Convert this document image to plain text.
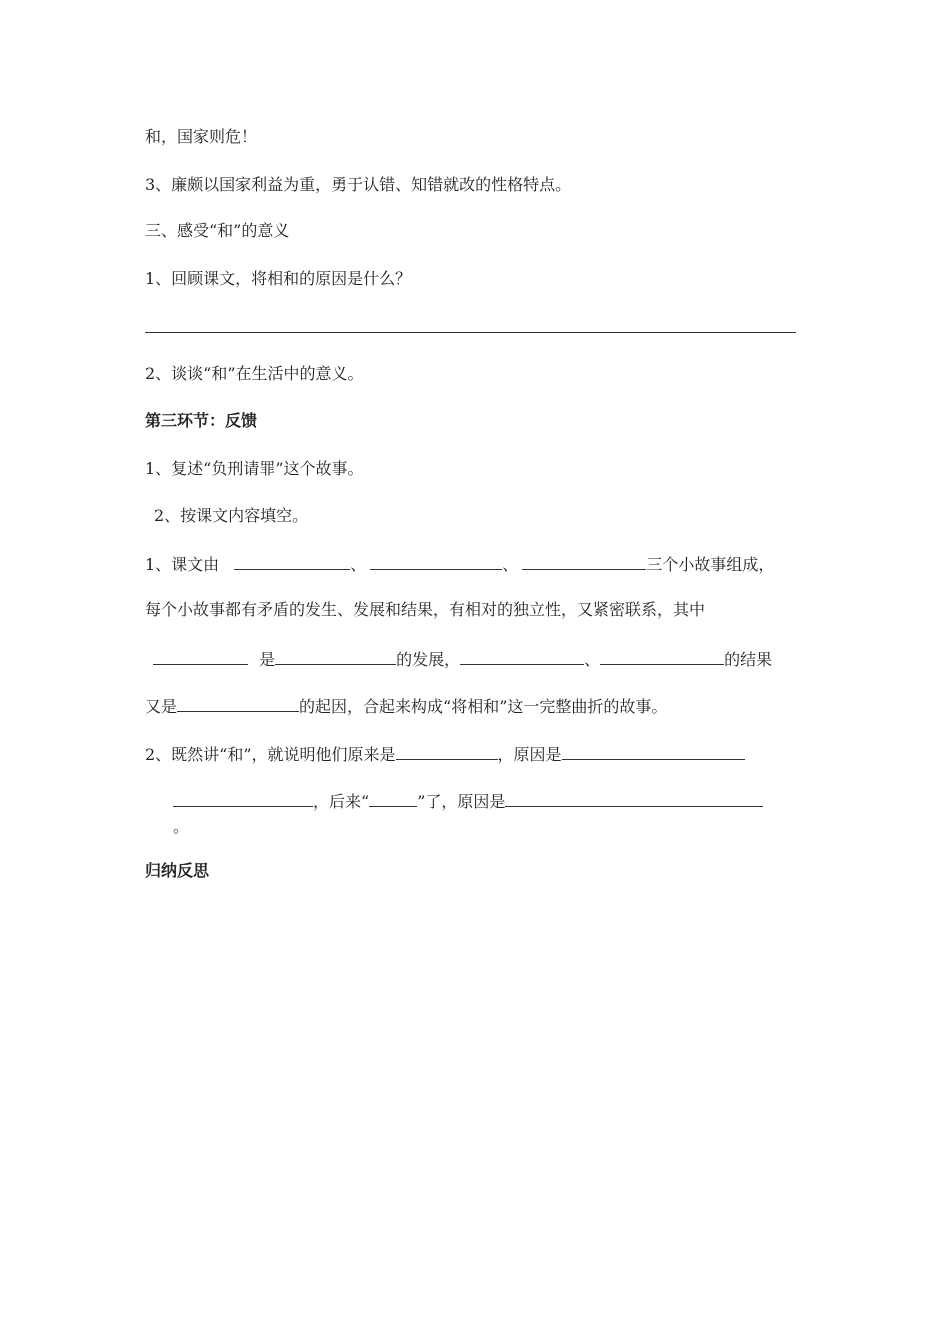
和，国家则危！
3、廉颇以国家利益为重，勇于认错、知错就改的性格特点。
三、感受“和”的意义
1、回顾课文，将相和的原因是什么？
2、谈谈“和”在生活中的意义。
第三环节：反馈
1、复述“负刑请罪”这个故事。
2、按课文内容填空。
1、课文由	、	、	三个小故事组成，
每个小故事都有矛盾的发生、发展和结果，有相对的独立性，又紧密联系，其中
是	的发展，	、	的结果
又是	的起因，合起来构成“将相和”这一完整曲折的故事。
2、既然讲“和”，就说明他们原来是	，原因是
，后来“	”了，原因是
。
归纳反思
